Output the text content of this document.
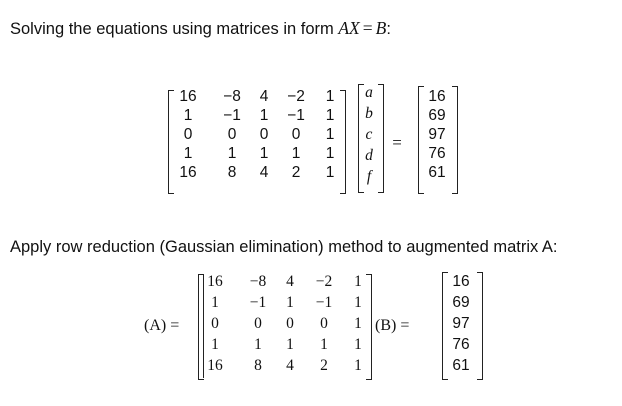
Solving the equations using matrices in form AX = B:
16	−8	4	−2	1
1	−1	1	−1	1
0	0	0	0	1
1	1	1	1	1
16	8	4	2	1
a
b
c
d
f
=
16
69
97
76
61
Apply row reduction (Gaussian elimination) method to augmented matrix A:
(A) =
16	−8	4	−2	1
1	−1	1	−1	1
0	0	0	0	1
1	1	1	1	1
16	8	4	2	1
(B) =
16
69
97
76
61
